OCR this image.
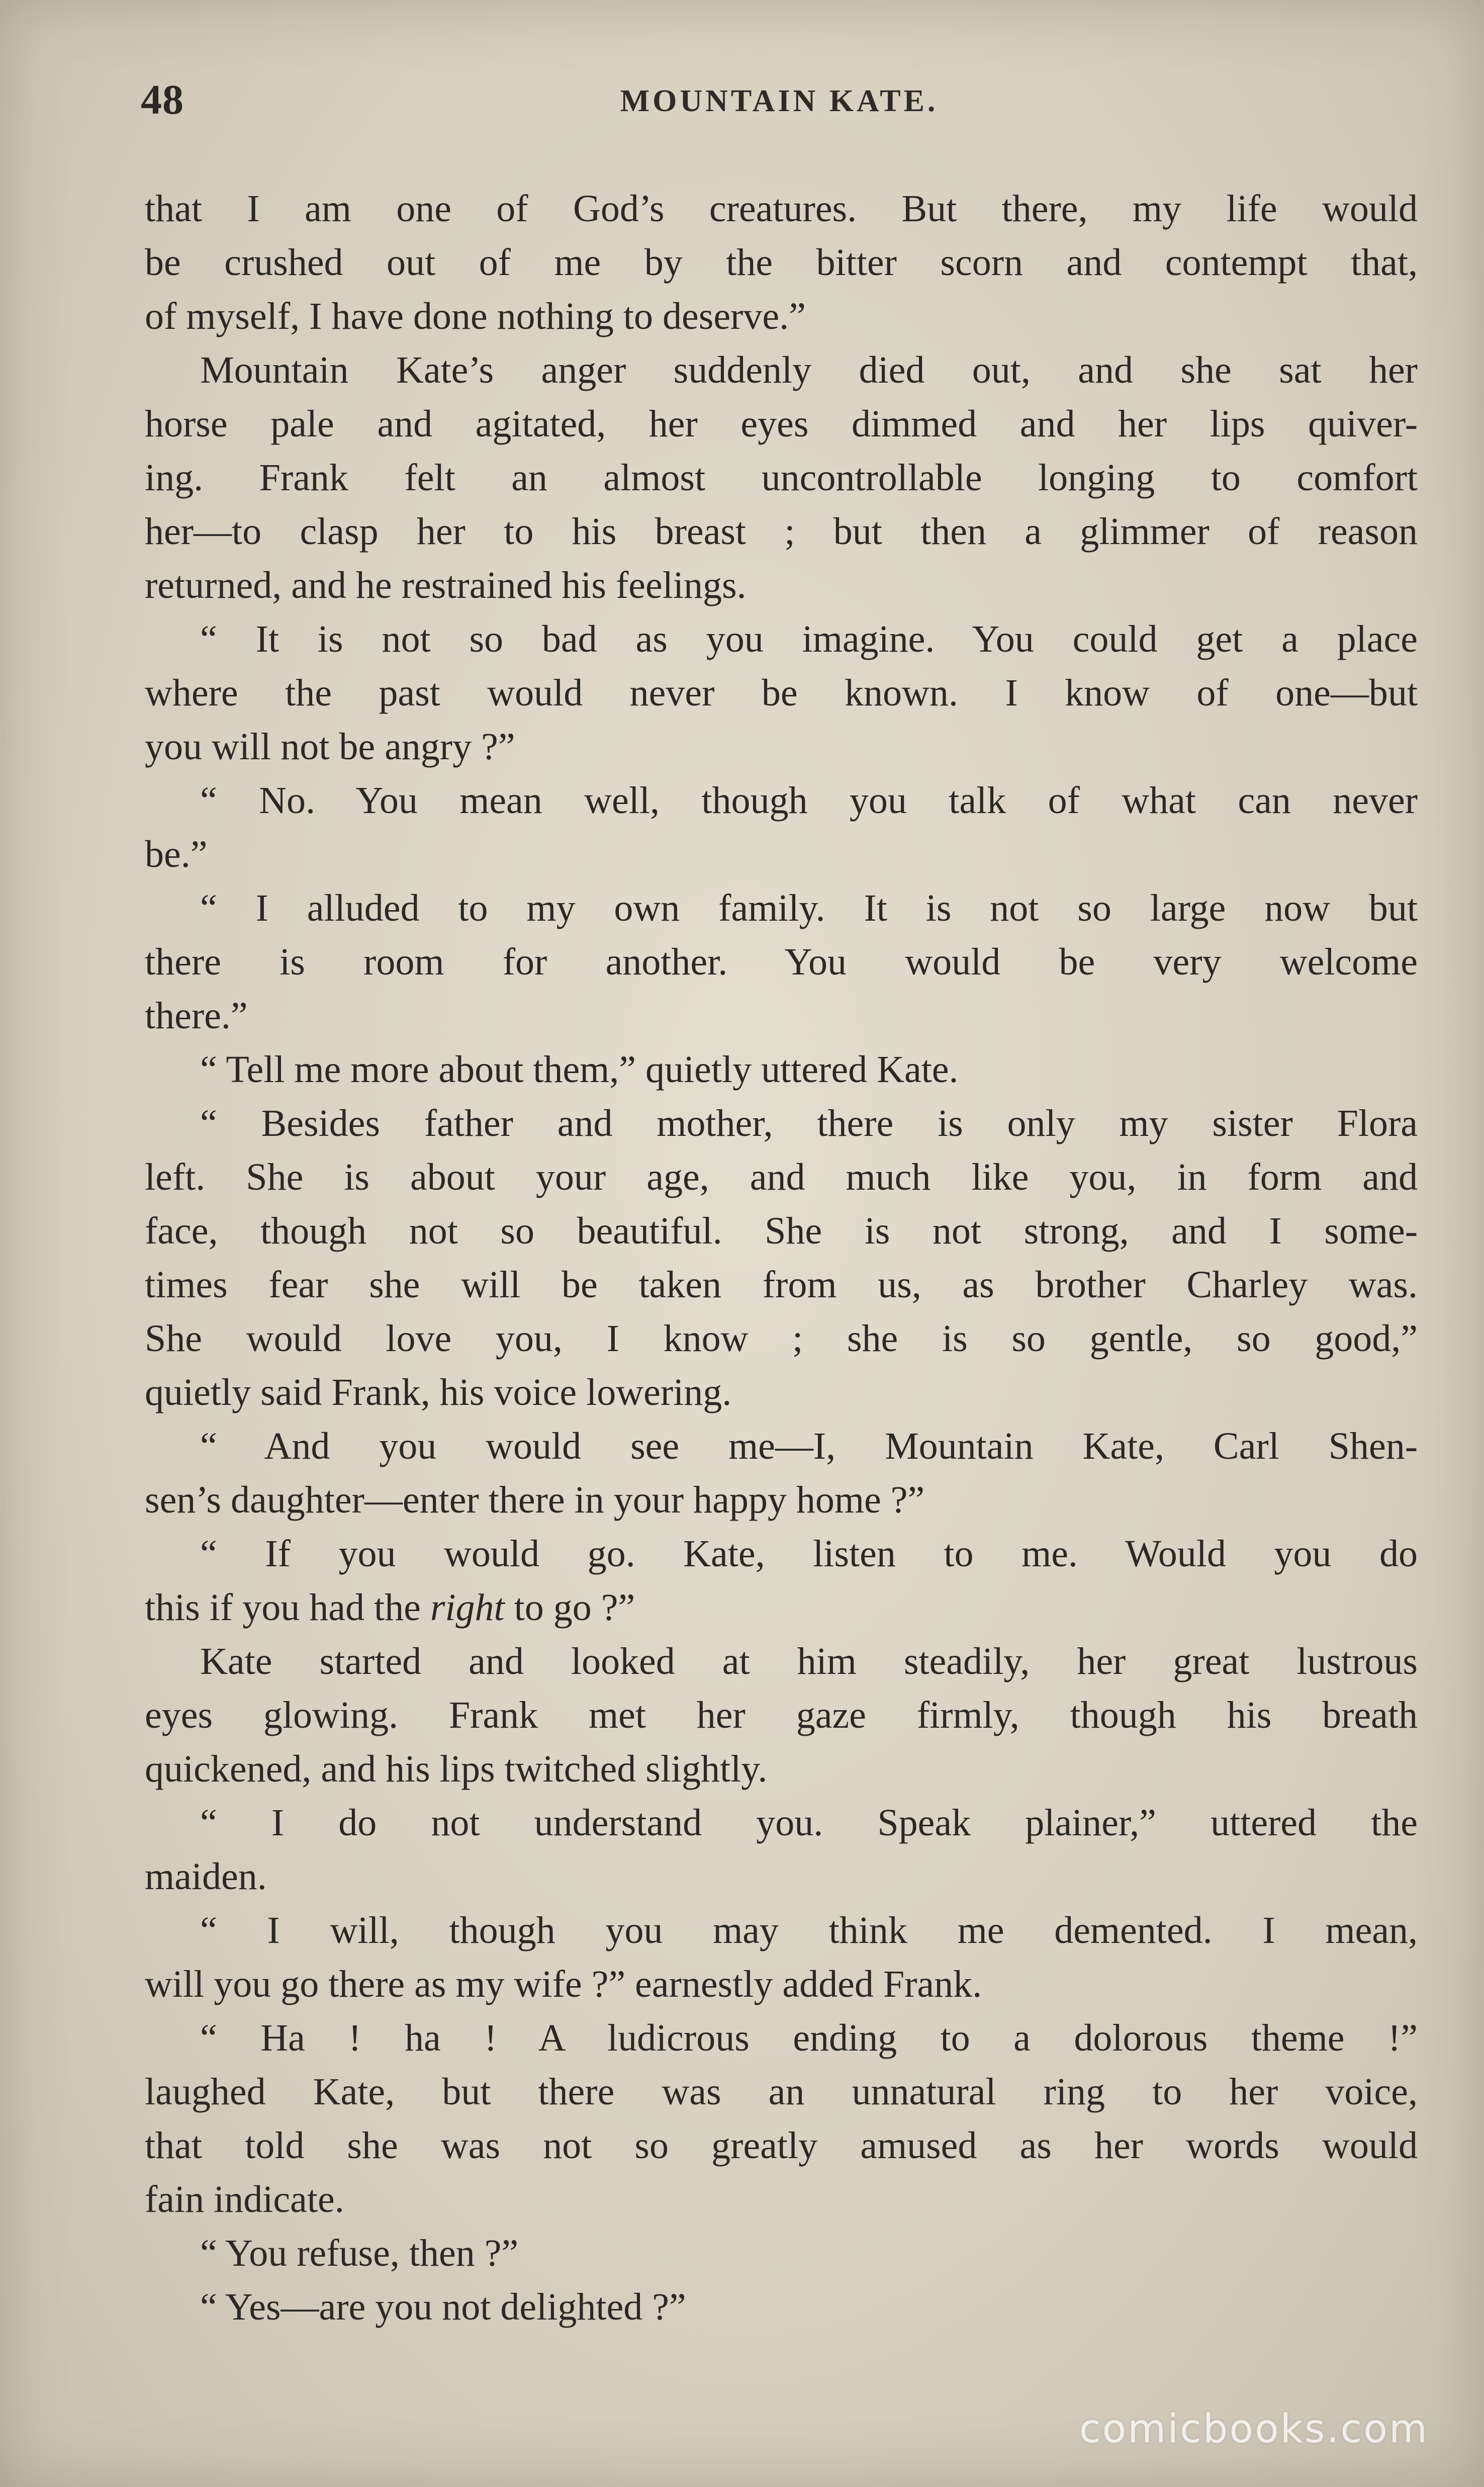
48	MOUNTAIN KATE.
that I am one of God’s creatures. But there, my life would
be crushed out of me by the bitter scorn and contempt that,
of myself, I have done nothing to deserve.”
Mountain Kate’s anger suddenly died out, and she sat her
horse pale and agitated, her eyes dimmed and her lips quiver-
ing. Frank felt an almost uncontrollable longing to comfort
her—to clasp her to his breast ; but then a glimmer of reason
returned, and he restrained his feelings.
“ It is not so bad as you imagine. You could get a place
where the past would never be known. I know of one—but
you will not be angry ?”
“ No. You mean well, though you talk of what can never
be.”
“ I alluded to my own family. It is not so large now but
there is room for another. You would be very welcome
there.”
“ Tell me more about them,” quietly uttered Kate.
“ Besides father and mother, there is only my sister Flora
left. She is about your age, and much like you, in form and
face, though not so beautiful. She is not strong, and I some-
times fear she will be taken from us, as brother Charley was.
She would love you, I know ; she is so gentle, so good,”
quietly said Frank, his voice lowering.
“ And you would see me—I, Mountain Kate, Carl Shen-
sen’s daughter—enter there in your happy home ?”
“ If you would go. Kate, listen to me. Would you do
this if you had the right to go ?”
Kate started and looked at him steadily, her great lustrous
eyes glowing. Frank met her gaze firmly, though his breath
quickened, and his lips twitched slightly.
“ I do not understand you. Speak plainer,” uttered the
maiden.
“ I will, though you may think me demented. I mean,
will you go there as my wife ?” earnestly added Frank.
“ Ha ! ha ! A ludicrous ending to a dolorous theme !”
laughed Kate, but there was an unnatural ring to her voice,
that told she was not so greatly amused as her words would
fain indicate.
“ You refuse, then ?”
“ Yes—are you not delighted ?”
comicbooks.com
